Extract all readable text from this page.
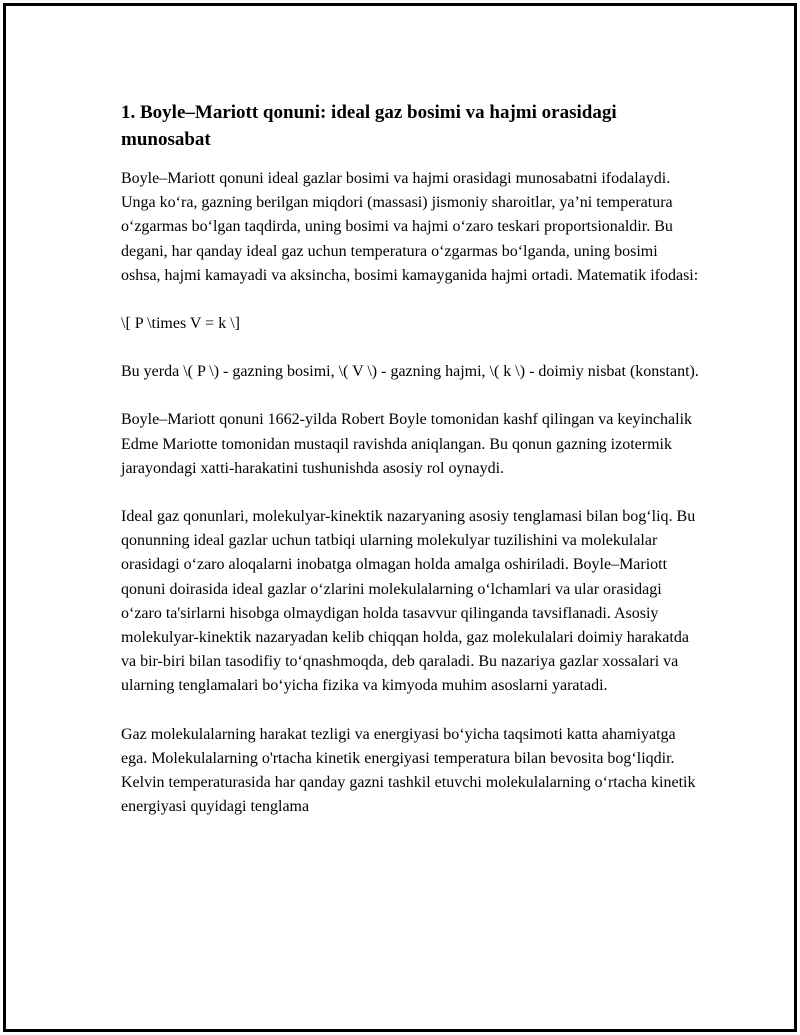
1. Boyle–Mariott qonuni: ideal gaz bosimi va hajmi orasidagi munosabat

Boyle–Mariott qonuni ideal gazlar bosimi va hajmi orasidagi munosabatni ifodalaydi. Unga ko‘ra, gazning berilgan miqdori (massasi) jismoniy sharoitlar, ya’ni temperatura o‘zgarmas bo‘lgan taqdirda, uning bosimi va hajmi o‘zaro teskari proportsionaldir. Bu degani, har qanday ideal gaz uchun temperatura o‘zgarmas bo‘lganda, uning bosimi oshsa, hajmi kamayadi va aksincha, bosimi kamayganida hajmi ortadi. Matematik ifodasi:

\[ P \times V = k \]

Bu yerda \( P \) - gazning bosimi, \( V \) - gazning hajmi, \( k \) - doimiy nisbat (konstant).

Boyle–Mariott qonuni 1662-yilda Robert Boyle tomonidan kashf qilingan va keyinchalik Edme Mariotte tomonidan mustaqil ravishda aniqlangan. Bu qonun gazning izotermik jarayondagi xatti-harakatini tushunishda asosiy rol oynaydi.

Ideal gaz qonunlari, molekulyar-kinektik nazaryaning asosiy tenglamasi bilan bog‘liq. Bu qonunning ideal gazlar uchun tatbiqi ularning molekulyar tuzilishini va molekulalar orasidagi o‘zaro aloqalarni inobatga olmagan holda amalga oshiriladi. Boyle–Mariott qonuni doirasida ideal gazlar o‘zlarini molekulalarning o‘lchamlari va ular orasidagi o‘zaro ta'sirlarni hisobga olmaydigan holda tasavvur qilinganda tavsiflanadi. Asosiy molekulyar-kinektik nazaryadan kelib chiqqan holda, gaz molekulalari doimiy harakatda va bir-biri bilan tasodifiy to‘qnashmoqda, deb qaraladi. Bu nazariya gazlar xossalari va ularning tenglamalari bo‘yicha fizika va kimyoda muhim asoslarni yaratadi.

Gaz molekulalarning harakat tezligi va energiyasi bo‘yicha taqsimoti katta ahamiyatga ega. Molekulalarning o'rtacha kinetik energiyasi temperatura bilan bevosita bog‘liqdir. Kelvin temperaturasida har qanday gazni tashkil etuvchi molekulalarning o‘rtacha kinetik energiyasi quyidagi tenglama
